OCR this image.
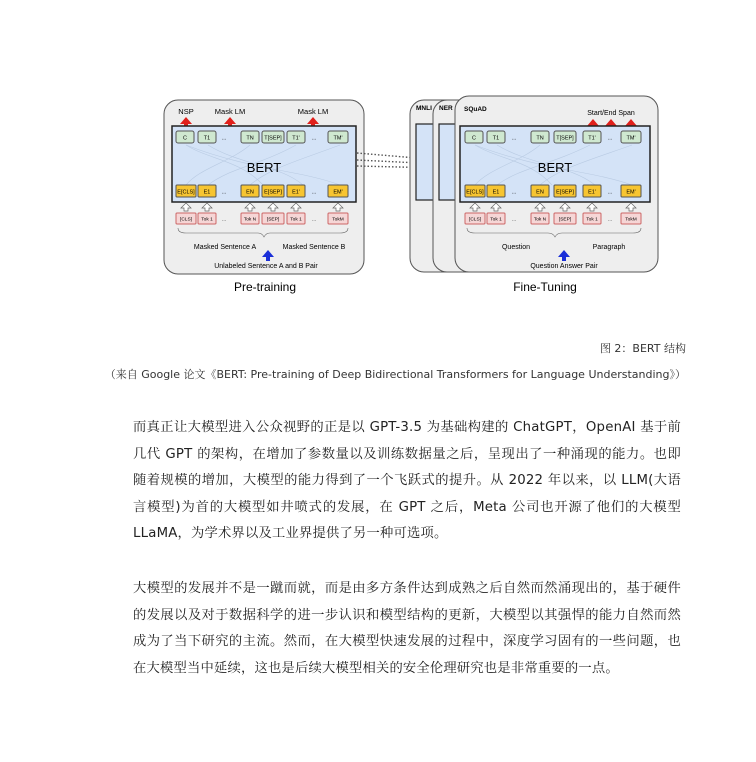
NSP	Mask LM	Mask LM
BERT
C	T1 ...	TN T[SEP] T1' ...	TM'
E[CLS] E1 ...	EN E[SEP] E1' ...	EM'
[CLS] Tok 1 ...	Tok N [SEP] Tok 1 ...	TokM
Masked Sentence A	Masked Sentence B
Unlabeled Sentence A and B Pair
Pre-training
MNLI NER SQuAD
Start/End Span
BERT
C	T1 ...	TN T[SEP]	T1' ...	TM'
E[CLS] E1 ...	EN E[SEP]	E1' ...	EM'
[CLS] Tok 1 ...	Tok N	[SEP]	Tok 1 ...	TokM
Question	Paragraph
Question Answer Pair
Fine-Tuning
图 2：BERT 结构
（来自 Google 论文《BERT: Pre-training of Deep Bidirectional Transformers for Language Understanding》）
而真正让大模型进入公众视野的正是以 GPT-3.5 为基础构建的 ChatGPT，OpenAI 基于前几代 GPT 的架构，在增加了参数量以及训练数据量之后，呈现出了一种涌现的能力。也即随着规模的增加，大模型的能力得到了一个飞跃式的提升。从 2022 年以来，以 LLM(大语言模型)为首的大模型如井喷式的发展，在 GPT 之后，Meta 公司也开源了他们的大模型 LLaMA，为学术界以及工业界提供了另一种可选项。
大模型的发展并不是一蹴而就，而是由多方条件达到成熟之后自然而然涌现出的，基于硬件的发展以及对于数据科学的进一步认识和模型结构的更新，大模型以其强悍的能力自然而然成为了当下研究的主流。然而，在大模型快速发展的过程中，深度学习固有的一些问题，也在大模型当中延续，这也是后续大模型相关的安全伦理研究也是非常重要的一点。
